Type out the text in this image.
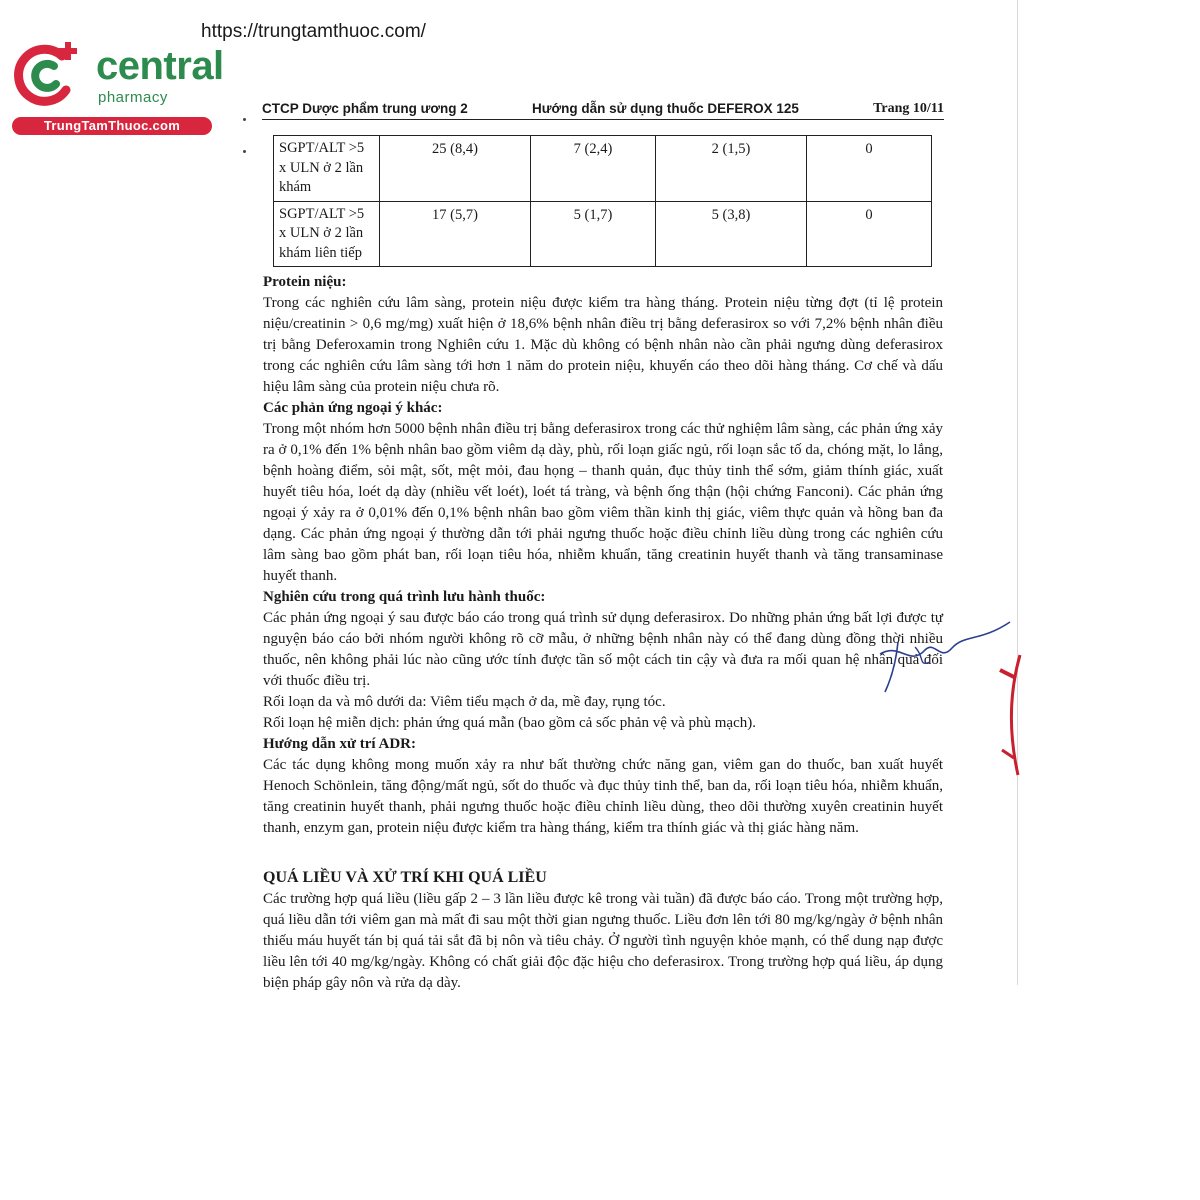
https://trungtamthuoc.com/
central
pharmacy
TrungTamThuoc.com
CTCP Dược phẩm trung ương 2	Hướng dẫn sử dụng thuốc DEFEROX 125	Trang 10/11
SGPT/ALT >5 x ULN ở 2 lần khám	25 (8,4)	7 (2,4)	2 (1,5)	0
SGPT/ALT >5 x ULN ở 2 lần khám liên tiếp	17 (5,7)	5 (1,7)	5 (3,8)	0
Protein niệu:

Trong các nghiên cứu lâm sàng, protein niệu được kiểm tra hàng tháng. Protein niệu từng đợt (tỉ lệ protein niệu/creatinin > 0,6 mg/mg) xuất hiện ở 18,6% bệnh nhân điều trị bằng deferasirox so với 7,2% bệnh nhân điều trị bằng Deferoxamin trong Nghiên cứu 1. Mặc dù không có bệnh nhân nào cần phải ngưng dùng deferasirox trong các nghiên cứu lâm sàng tới hơn 1 năm do protein niệu, khuyến cáo theo dõi hàng tháng. Cơ chế và dấu hiệu lâm sàng của protein niệu chưa rõ.

Các phản ứng ngoại ý khác:

Trong một nhóm hơn 5000 bệnh nhân điều trị bằng deferasirox trong các thử nghiệm lâm sàng, các phản ứng xảy ra ở 0,1% đến 1% bệnh nhân bao gồm viêm dạ dày, phù, rối loạn giấc ngủ, rối loạn sắc tố da, chóng mặt, lo lắng, bệnh hoàng điểm, sỏi mật, sốt, mệt mỏi, đau họng – thanh quản, đục thủy tinh thể sớm, giảm thính giác, xuất huyết tiêu hóa, loét dạ dày (nhiều vết loét), loét tá tràng, và bệnh ống thận (hội chứng Fanconi). Các phản ứng ngoại ý xảy ra ở 0,01% đến 0,1% bệnh nhân bao gồm viêm thần kinh thị giác, viêm thực quản và hồng ban đa dạng. Các phản ứng ngoại ý thường dẫn tới phải ngưng thuốc hoặc điều chỉnh liều dùng trong các nghiên cứu lâm sàng bao gồm phát ban, rối loạn tiêu hóa, nhiễm khuẩn, tăng creatinin huyết thanh và tăng transaminase huyết thanh.

Nghiên cứu trong quá trình lưu hành thuốc:

Các phản ứng ngoại ý sau được báo cáo trong quá trình sử dụng deferasirox. Do những phản ứng bất lợi được tự nguyện báo cáo bởi nhóm người không rõ cỡ mẫu, ở những bệnh nhân này có thể đang dùng đồng thời nhiều thuốc, nên không phải lúc nào cũng ước tính được tần số một cách tin cậy và đưa ra mối quan hệ nhân quả đối với thuốc điều trị.

Rối loạn da và mô dưới da: Viêm tiểu mạch ở da, mề đay, rụng tóc.

Rối loạn hệ miễn dịch: phản ứng quá mẫn (bao gồm cả sốc phản vệ và phù mạch).

Hướng dẫn xử trí ADR:

Các tác dụng không mong muốn xảy ra như bất thường chức năng gan, viêm gan do thuốc, ban xuất huyết Henoch Schönlein, tăng động/mất ngủ, sốt do thuốc và đục thủy tinh thể, ban da, rối loạn tiêu hóa, nhiễm khuẩn, tăng creatinin huyết thanh, phải ngưng thuốc hoặc điều chỉnh liều dùng, theo dõi thường xuyên creatinin huyết thanh, enzym gan, protein niệu được kiểm tra hàng tháng, kiểm tra thính giác và thị giác hàng năm.

QUÁ LIỀU VÀ XỬ TRÍ KHI QUÁ LIỀU

Các trường hợp quá liều (liều gấp 2 – 3 lần liều được kê trong vài tuần) đã được báo cáo. Trong một trường hợp, quá liều dẫn tới viêm gan mà mất đi sau một thời gian ngưng thuốc. Liều đơn lên tới 80 mg/kg/ngày ở bệnh nhân thiếu máu huyết tán bị quá tải sắt đã bị nôn và tiêu chảy. Ở người tình nguyện khỏe mạnh, có thể dung nạp được liều lên tới 40 mg/kg/ngày. Không có chất giải độc đặc hiệu cho deferasirox. Trong trường hợp quá liều, áp dụng biện pháp gây nôn và rửa dạ dày.
